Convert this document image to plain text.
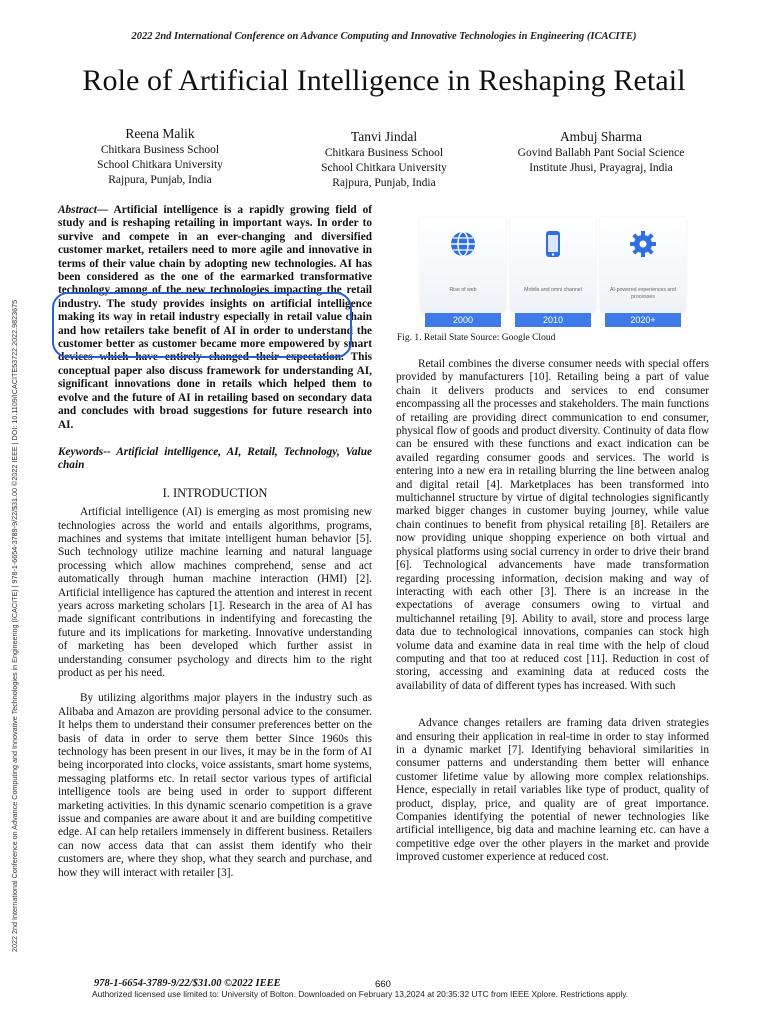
2022 2nd International Conference on Advance Computing and Innovative Technologies in Engineering (ICACITE)
Role of Artificial Intelligence in Reshaping Retail
Reena Malik
Chitkara Business School
School Chitkara University
Rajpura, Punjab, India
Tanvi Jindal
Chitkara Business School
School Chitkara University
Rajpura, Punjab, India
Ambuj Sharma
Govind Ballabh Pant Social Science
Institute Jhusi, Prayagraj, India
2022 2nd International Conference on Advance Computing and Innovative Technologies in Engineering (ICACITE) | 978-1-6654-3789-9/22/$31.00 ©2022 IEEE | DOI: 10.1109/ICACITE53722.2022.9823675

Abstract— Artificial intelligence is a rapidly growing field of study and is reshaping retailing in important ways. In order to survive and compete in an ever-changing and diversified customer market, retailers need to more agile and innovative in terms of their value chain by adopting new technologies. AI has been considered as the one of the earmarked transformative technology among of the new technologies impacting the retail industry. The study provides insights on artificial intelligence making its way in retail industry especially in retail value chain and how retailers take benefit of AI in order to understand the customer better as customer became more empowered by smart devices which have entirely changed their expectation. This conceptual paper also discuss framework for understanding AI, significant innovations done in retails which helped them to evolve and the future of AI in retailing based on secondary data and concludes with broad suggestions for future research into AI.

Keywords-- Artificial intelligence, AI, Retail, Technology, Value chain

I. INTRODUCTION

Artificial intelligence (AI) is emerging as most promising new technologies across the world and entails algorithms, programs, machines and systems that imitate intelligent human behavior [5]. Such technology utilize machine learning and natural language processing which allow machines comprehend, sense and act automatically through human machine interaction (HMI) [2]. Artificial intelligence has captured the attention and interest in recent years across marketing scholars [1]. Research in the area of AI has made significant contributions in indentifying and forecasting the future and its implications for marketing. Innovative understanding of marketing has been developed which further assist in understanding consumer psychology and directs him to the right product as per his need.

By utilizing algorithms major players in the industry such as Alibaba and Amazon are providing personal advice to the consumer. It helps them to understand their consumer preferences better on the basis of data in order to serve them better Since 1960s this technology has been present in our lives, it may be in the form of AI being incorporated into clocks, voice assistants, smart home systems, messaging platforms etc. In retail sector various types of artificial intelligence tools are being used in order to support different marketing activities. In this dynamic scenario competition is a grave issue and companies are aware about it and are building competitive edge. AI can help retailers immensely in different business. Retailers can now access data that can assist them identify who their customers are, where they shop, what they search and purchase, and how they will interact with retailer [3].

Rise of web	Mobile and omni channel	AI-powered experiences and processes
2000	2010	2020+
Fig. 1. Retail State Source: Google Cloud

Retail combines the diverse consumer needs with special offers provided by manufacturers [10]. Retailing being a part of value chain it delivers products and services to end consumer encompassing all the processes and stakeholders. The main functions of retailing are providing direct communication to end consumer, physical flow of goods and product diversity. Continuity of data flow can be ensured with these functions and exact indication can be availed regarding consumer goods and services. The world is entering into a new era in retailing blurring the line between analog and digital retail [4]. Marketplaces has been transformed into multichannel structure by virtue of digital technologies significantly marked bigger changes in customer buying journey, while value chain continues to benefit from physical retailing [8]. Retailers are now providing unique shopping experience on both virtual and physical platforms using social currency in order to drive their brand [6]. Technological advancements have made transformation regarding processing information, decision making and way of interacting with each other [3]. There is an increase in the expectations of average consumers owing to virtual and multichannel retailing [9]. Ability to avail, store and process large data due to technological innovations, companies can stock high volume data and examine data in real time with the help of cloud computing and that too at reduced cost [11]. Reduction in cost of storing, accessing and examining data at reduced costs the availability of data of different types has increased. With such

Advance changes retailers are framing data driven strategies and ensuring their application in real-time in order to stay informed in a dynamic market [7]. Identifying behavioral similarities in consumer patterns and understanding them better will enhance customer lifetime value by allowing more complex relationships. Hence, especially in retail variables like type of product, quality of product, display, price, and quality are of great importance. Companies identifying the potential of newer technologies like artificial intelligence, big data and machine learning etc. can have a competitive edge over the other players in the market and provide improved customer experience at reduced cost.

978-1-6654-3789-9/22/$31.00 ©2022 IEEE	660
Authorized licensed use limited to: University of Bolton. Downloaded on February 13,2024 at 20:35:32 UTC from IEEE Xplore. Restrictions apply.
